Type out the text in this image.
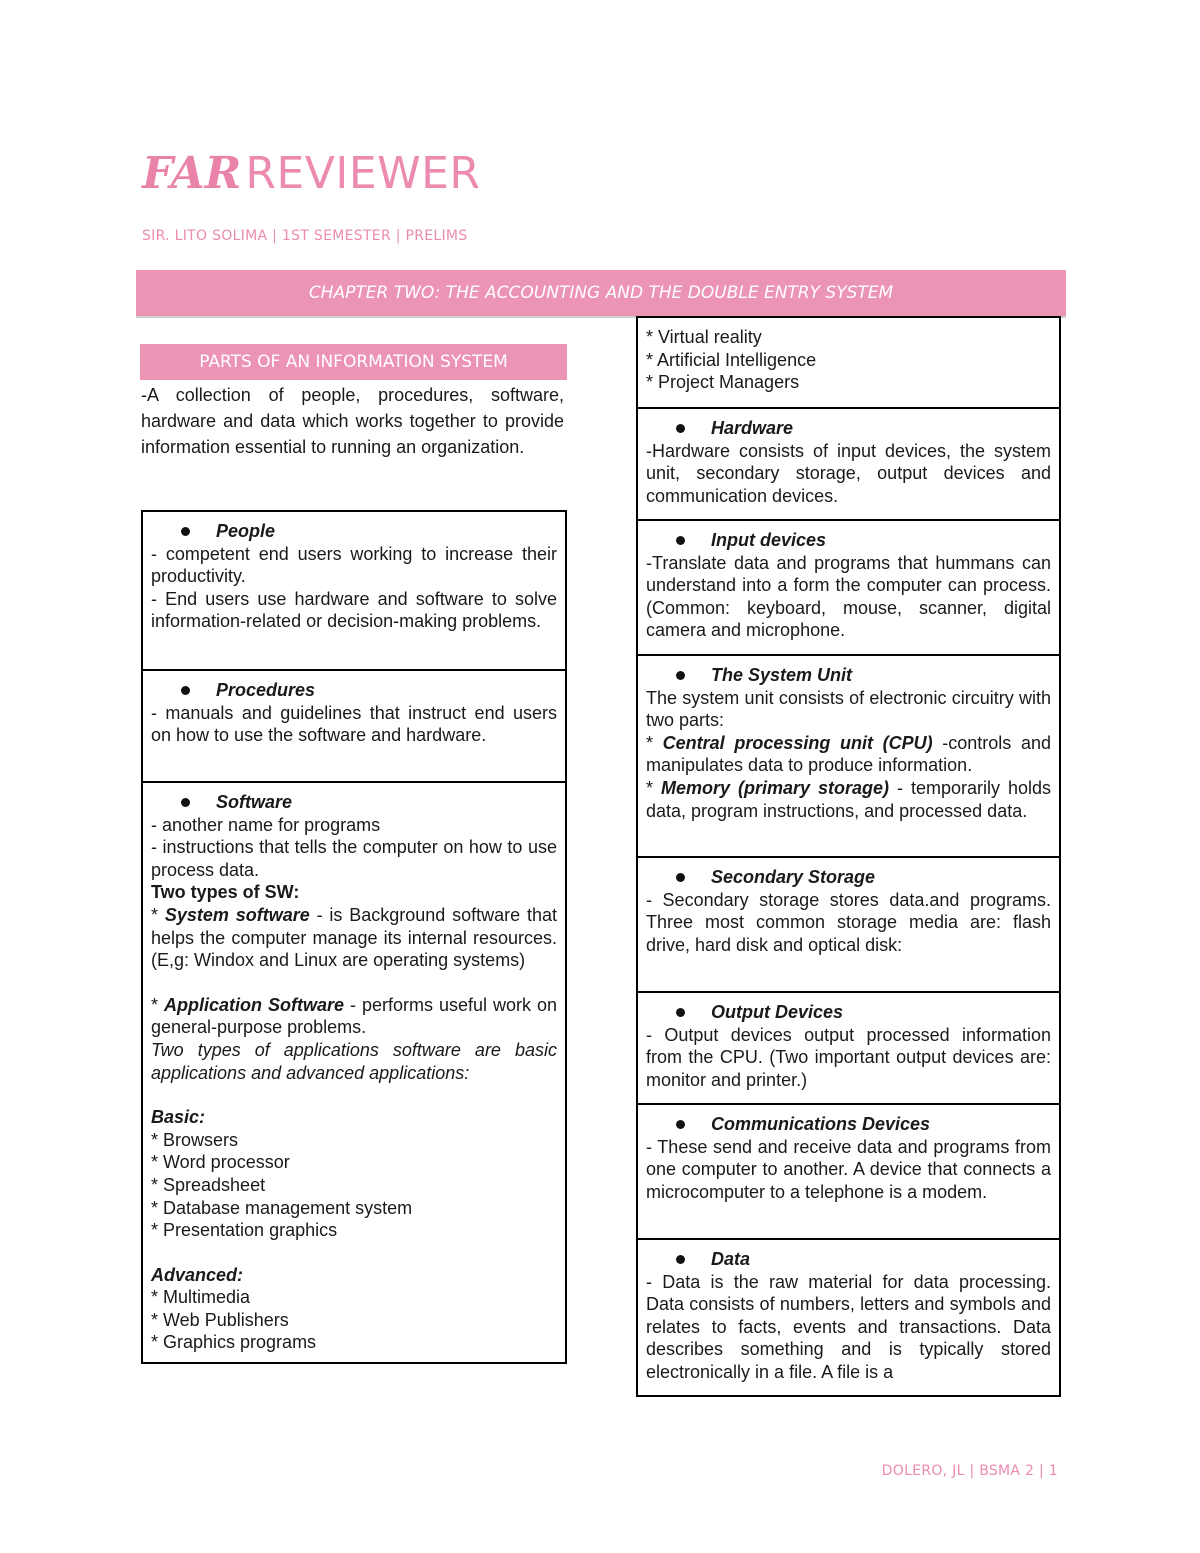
FARREVIEWER
SIR. LITO SOLIMA | 1ST SEMESTER | PRELIMS
CHAPTER TWO: THE ACCOUNTING AND THE DOUBLE ENTRY SYSTEM
PARTS OF AN INFORMATION SYSTEM

-A collection of people, procedures, software, hardware and data which works together to provide information essential to running an organization.

People
- competent end users working to increase their productivity.
- End users use hardware and software to solve information-related or decision-making problems.
Procedures
- manuals and guidelines that instruct end users on how to use the software and hardware.
Software
- another name for programs
- instructions that tells the computer on how to use process data.
Two types of SW:
* System software - is Background software that helps the computer manage its internal resources. (E,g: Windox and Linux are operating systems)
* Application Software - performs useful work on general-purpose problems.
Two types of applications software are basic applications and advanced applications:
Basic:
* Browsers
* Word processor
* Spreadsheet
* Database management system
* Presentation graphics
Advanced:
* Multimedia
* Web Publishers
* Graphics programs
* Virtual reality
* Artificial Intelligence
* Project Managers
Hardware
-Hardware consists of input devices, the system unit, secondary storage, output devices and communication devices.
Input devices
-Translate data and programs that hummans can understand into a form the computer can process. (Common: keyboard, mouse, scanner, digital camera and microphone.
The System Unit
The system unit consists of electronic circuitry with two parts:
* Central processing unit (CPU) -controls and manipulates data to produce information.
* Memory (primary storage) - temporarily holds data, program instructions, and processed data.
Secondary Storage
- Secondary storage stores data.and programs. Three most common storage media are: flash drive, hard disk and optical disk:
Output Devices
- Output devices output processed information from the CPU. (Two important output devices are: monitor and printer.)
Communications Devices
- These send and receive data and programs from one computer to another. A device that connects a microcomputer to a telephone is a modem.
Data
- Data is the raw material for data processing. Data consists of numbers, letters and symbols and relates to facts, events and transactions. Data describes something and is typically stored electronically in a file. A file is a
DOLERO, JL | BSMA 2 | 1
